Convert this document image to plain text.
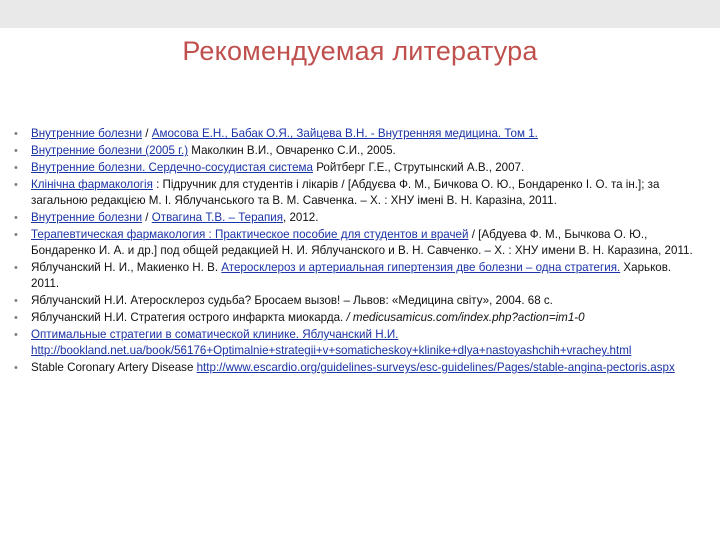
Рекомендуемая литература
• Внутренние болезни / Амосова Е.Н., Бабак О.Я., Зайцева В.Н. - Внутренняя медицина. Том 1.
• Внутренние болезни (2005 г.) Маколкин В.И., Овчаренко С.И., 2005.
• Внутренние болезни. Сердечно-сосудистая система Ройтберг Г.Е., Струтынский А.В., 2007.
• Клінічна фармакологія : Підручник для студентів і лікарів / [Абдуєва Ф. М., Бичкова О. Ю., Бондаренко І. О. та ін.]; за загальною редакцією М. І. Яблучанського та В. М. Савченка. – Х. : ХНУ імені В. Н. Каразіна, 2011.
• Внутренние болезни / Отвагина Т.В. – Терапия, 2012.
• Терапевтическая фармакология : Практическое пособие для студентов и врачей / [Абдуева Ф. М., Бычкова О. Ю., Бондаренко И. А. и др.] под общей редакцией Н. И. Яблучанского и В. Н. Савченко. – Х. : ХНУ имени В. Н. Каразина, 2011.
• Яблучанский Н. И., Макиенко Н. В. Атеросклероз и артериальная гипертензия две болезни – одна стратегия. Харьков. 2011.
• Яблучанский Н.И. Атеросклероз судьба? Бросаем вызов! – Львов: «Медицина світу», 2004. 68 с.
• Яблучанский Н.И. Стратегия острого инфаркта миокарда. / medicusamicus.com/index.php?action=im1-0
• Оптимальные стратегии в соматической клинике. Яблучанский Н.И. http://bookland.net.ua/book/56176+Optimalnie+strategii+v+somaticheskoy+klinike+dlya+nastoyashchih+vrachey.html
• Stable Coronary Artery Disease http://www.escardio.org/guidelines-surveys/esc-guidelines/Pages/stable-angina-pectoris.aspx
